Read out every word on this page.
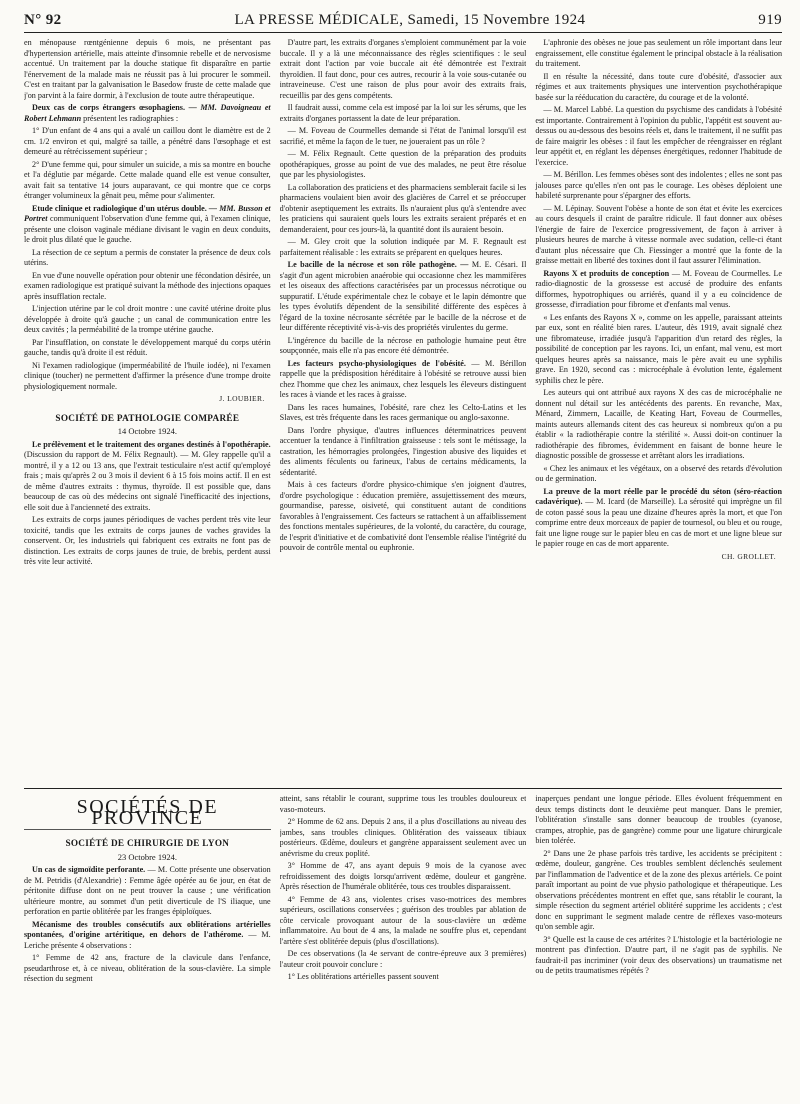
N° 92	LA PRESSE MÉDICALE, Samedi, 15 Novembre 1924	919

en ménopause rœntgénienne depuis 6 mois, ne présentant pas d'hypertension artérielle, mais atteinte d'insomnie rebelle et de nervosisme accentué. Un traitement par la douche statique fit disparaître en partie l'énervement de la malade mais ne réussit pas à lui procurer le sommeil. C'est en traitant par la galvanisation le Basedow fruste de cette malade que j'on parvint à la faire dormir, à l'exclusion de toute autre thérapeutique.

Deux cas de corps étrangers œsophagiens. — MM. Davoigneau et Robert Lehmann présentent les radiographies :

1° D'un enfant de 4 ans qui a avalé un caillou dont le diamètre est de 2 cm. 1/2 environ et qui, malgré sa taille, a pénétré dans l'œsophage et est demeuré au rétrécissement supérieur ;

2° D'une femme qui, pour simuler un suicide, a mis sa montre en bouche et l'a déglutie par mégarde. Cette malade quand elle est venue consulter, avait fait sa tentative 14 jours auparavant, ce qui montre que ce corps étranger volumineux la gênait peu, même pour s'alimenter.

Etude clinique et radiologique d'un utérus double. — MM. Busson et Portret communiquent l'observation d'une femme qui, à l'examen clinique, présente une cloison vaginale médiane divisant le vagin en deux conduits, le droit plus dilaté que le gauche.

La résection de ce septum a permis de constater la présence de deux cols utérins.

En vue d'une nouvelle opération pour obtenir une fécondation désirée, un examen radiologique est pratiqué suivant la méthode des injections opaques après insufflation rectale.

L'injection utérine par le col droit montre : une cavité utérine droite plus développée à droite qu'à gauche ; un canal de communication entre les deux cavités ; la perméabilité de la trompe utérine gauche.

Par l'insufflation, on constate le développement marqué du corps utérin gauche, tandis qu'à droite il est réduit.

Ni l'examen radiologique (imperméabilité de l'huile iodée), ni l'examen clinique (toucher) ne permettent d'affirmer la présence d'une trompe droite physiologiquement normale.

J. LOUBIER.
SOCIÉTÉ DE PATHOLOGIE COMPARÉE
14 Octobre 1924.

Le prélèvement et le traitement des organes destinés à l'opothérapie. (Discussion du rapport de M. Félix Regnault). — M. Gley rappelle qu'il a montré, il y a 12 ou 13 ans, que l'extrait testiculaire n'est actif qu'employé frais ; mais qu'après 2 ou 3 mois il devient 6 à 15 fois moins actif. Il en est de même d'autres extraits : thymus, thyroïde. Il est possible que, dans beaucoup de cas où des médecins ont signalé l'inefficacité des injections, elle soit due à l'ancienneté des extraits.

Les extraits de corps jaunes périodiques de vaches perdent très vite leur toxicité, tandis que les extraits de corps jaunes de vaches gravides la conservent. Or, les industriels qui fabriquent ces extraits ne font pas de distinction. Les extraits de corps jaunes de truie, de brebis, perdent aussi très vite leur activité.

D'autre part, les extraits d'organes s'emploient communément par la voie buccale. Il y a là une méconnaissance des règles scientifiques : le seul extrait dont l'action par voie buccale ait été démontrée est l'extrait thyroïdien. Il faut donc, pour ces autres, recourir à la voie sous-cutanée ou intraveineuse. C'est une raison de plus pour avoir des extraits frais, recueillis par des gens compétents.

Il faudrait aussi, comme cela est imposé par la loi sur les sérums, que les extraits d'organes portassent la date de leur préparation.

— M. Foveau de Courmelles demande si l'état de l'animal lorsqu'il est sacrifié, et même la façon de le tuer, ne joueraient pas un rôle ?

— M. Félix Regnault. Cette question de la préparation des produits opothérapiques, grosse au point de vue des malades, ne peut être résolue que par les physiologistes.

La collaboration des praticiens et des pharmaciens semblerait facile si les pharmaciens voulaient bien avoir des glacières de Carrel et se préoccuper d'obtenir aseptiquement les extraits. Ils n'auraient plus qu'à s'entendre avec les praticiens qui sauraient quels lours les extraits seraient préparés et en demanderaient, pour ces jours-là, la quantité dont ils auraient besoin.

— M. Gley croit que la solution indiquée par M. F. Regnault est parfaitement réalisable : les extraits se préparent en quelques heures.

Le bacille de la nécrose et son rôle pathogène. — M. E. Césari. Il s'agit d'un agent microbien anaérobie qui occasionne chez les mammifères et les oiseaux des affections caractérisées par un processus nécrotique ou suppuratif. L'étude expérimentale chez le cobaye et le lapin démontre que les types évolutifs dépendent de la sensibilité différente des espèces à l'égard de la toxine nécrosante sécrétée par le bacille de la nécrose et de leur différente réceptivité vis-à-vis des propriétés virulentes du germe.

L'ingérence du bacille de la nécrose en pathologie humaine peut être soupçonnée, mais elle n'a pas encore été démontrée.

Les facteurs psycho-physiologiques de l'obésité. — M. Bérillon rappelle que la prédisposition héréditaire à l'obésité se retrouve aussi bien chez l'homme que chez les animaux, chez lesquels les éleveurs distinguent les races à viande et les races à graisse.

Dans les races humaines, l'obésité, rare chez les Celto-Latins et les Slaves, est très fréquente dans les races germanique ou anglo-saxonne.

Dans l'ordre physique, d'autres influences déterminatrices peuvent accentuer la tendance à l'infiltration graisseuse : tels sont le métissage, la castration, les hémorragies prolongées, l'ingestion abusive des liquides et des aliments féculents ou farineux, l'abus de certains médicaments, la sédentarité.

Mais à ces facteurs d'ordre physico-chimique s'en joignent d'autres, d'ordre psychologique : éducation première, assujettissement des mœurs, gourmandise, paresse, oisiveté, qui constituent autant de conditions favorables à l'engraissement. Ces facteurs se rattachent à un affaiblissement des fonctions mentales supérieures, de la volonté, du caractère, du courage, de l'esprit d'initiative et de combativité dont l'ensemble réalise l'intégrité du pouvoir de contrôle mental ou euphronie.

L'aphronie des obèses ne joue pas seulement un rôle important dans leur engraissement, elle constitue également le principal obstacle à la réalisation du traitement.

Il en résulte la nécessité, dans toute cure d'obésité, d'associer aux régimes et aux traitements physiques une intervention psychothérapique basée sur la rééducation du caractère, du courage et de la volonté.

— M. Marcel Labbé. La question du psychisme des candidats à l'obésité est importante. Contrairement à l'opinion du public, l'appétit est souvent au-dessus ou au-dessous des besoins réels et, dans le traitement, il ne suffit pas de faire maigrir les obèses : il faut les empêcher de réengraisser en réglant leur appétit et, en réglant les dépenses énergétiques, redonner l'habitude de l'exercice.

— M. Bérillon. Les femmes obèses sont des indolentes ; elles ne sont pas jalouses parce qu'elles n'en ont pas le courage. Les obèses déploient une habileté surprenante pour s'épargner des efforts.

— M. Lépinay. Souvent l'obèse a honte de son état et évite les exercices au cours desquels il craint de paraître ridicule. Il faut donner aux obèses l'énergie de faire de l'exercice progressivement, de façon à arriver à plusieurs heures de marche à vitesse normale avec sudation, celle-ci étant d'autant plus nécessaire que Ch. Fiessinger a montré que la fonte de la graisse mettait en liberté des toxines dont il faut assurer l'élimination.

Rayons X et produits de conception — M. Foveau de Courmelles. Le radio-diagnostic de la grossesse est accusé de produire des enfants difformes, hypotrophiques ou arriérés, quand il y a eu coïncidence de grossesse, d'irradiation pour fibrome et d'enfants mal venus.

« Les enfants des Rayons X », comme on les appelle, paraissant atteints par eux, sont en réalité bien rares. L'auteur, dès 1919, avait signalé chez une fibromateuse, irradiée jusqu'à l'apparition d'un retard des règles, la possibilité de conception par les rayons. Ici, un enfant, mal venu, est mort quelques heures après sa naissance, mais le père avait eu une syphilis grave. En 1920, second cas : microcéphale à évolution lente, également syphilis chez le père.

Les auteurs qui ont attribué aux rayons X des cas de microcéphalie ne donnent nul détail sur les antécédents des parents. En revanche, Max, Ménard, Zimmern, Lacaille, de Keating Hart, Foveau de Courmelles, maints auteurs allemands citent des cas heureux si nombreux qu'on a pu établir « la radiothérapie contre la stérilité ». Aussi doit-on continuer la radiothérapie des fibromes, évidemment en faisant de bonne heure le diagnostic possible de grossesse et arrêtant alors les irradiations.

« Chez les animaux et les végétaux, on a observé des retards d'évolution ou de germination.

La preuve de la mort réelle par le procédé du séton (séro-réaction cadavérique). — M. Icard (de Marseille). La sérosité qui imprègne un fil de coton passé sous la peau une dizaine d'heures après la mort, et que l'on comprime entre deux morceaux de papier de tournesol, ou bleu et ou rouge, fait une ligne rouge sur le papier bleu en cas de mort et une ligne bleue sur le papier rouge en cas de mort apparente.

CH. GROLLET.
SOCIÉTÉS DE PROVINCE
SOCIÉTÉ DE CHIRURGIE DE LYON
23 Octobre 1924.

Un cas de sigmoïdite perforante. — M. Cotte présente une observation de M. Petridis (d'Alexandrie) : Femme âgée opérée au 6e jour, en état de péritonite diffuse dont on ne peut trouver la cause ; une vérification ultérieure montre, au sommet d'un petit diverticule de l'S iliaque, une perforation en partie oblitérée par les franges épiploïques.

Mécanisme des troubles consécutifs aux oblitérations artérielles spontanées, d'origine artéritique, en dehors de l'athérome. — M. Leriche présente 4 observations :

1° Femme de 42 ans, fracture de la clavicule dans l'enfance, pseudarthrose et, à ce niveau, oblitération de la sous-clavière. La simple résection du segment

atteint, sans rétablir le courant, supprime tous les troubles douloureux et vaso-moteurs.

2° Homme de 62 ans. Depuis 2 ans, il a plus d'oscillations au niveau des jambes, sans troubles cliniques. Oblitération des vaisseaux tibiaux postérieurs. Œdème, douleurs et gangrène apparaissent seulement avec un anévrisme du creux poplité.

3° Homme de 47, ans ayant depuis 9 mois de la cyanose avec refroidissement des doigts lorsqu'arrivent œdème, douleur et gangrène. Après résection de l'humérale oblitérée, tous ces troubles disparaissent.

4° Femme de 43 ans, violentes crises vaso-motrices des membres supérieurs, oscillations conservées ; guérison des troubles par ablation de côte cervicale provoquant autour de la sous-clavière un œdème inflammatoire. Au bout de 4 ans, la malade ne souffre plus et, cependant l'artère s'est oblitérée depuis (plus d'oscillations).

De ces observations (la 4e servant de contre-épreuve aux 3 premières) l'auteur croit pouvoir conclure :

1° Les oblitérations artérielles passent souvent

inaperçues pendant une longue période. Elles évoluent fréquemment en deux temps distincts dont le deuxième peut manquer. Dans le premier, l'oblitération s'installe sans donner beaucoup de troubles (cyanose, crampes, atrophie, pas de gangrène) comme pour une ligature chirurgicale bien tolérée.

2° Dans une 2e phase parfois très tardive, les accidents se précipitent : œdème, douleur, gangrène. Ces troubles semblent déclenchés seulement par l'inflammation de l'adventice et de la zone des plexus artériels. Ce point paraît important au point de vue physio pathologique et thérapeutique. Les observations précédentes montrent en effet que, sans rétablir le courant, la simple résection du segment artériel oblitéré supprime les accidents ; c'est donc en supprimant le segment malade centre de réflexes vaso-moteurs qu'on semble agir.

3° Quelle est la cause de ces artérites ? L'histologie et la bactériologie ne montrent pas d'infection. D'autre part, il ne s'agit pas de syphilis. Ne faudrait-il pas incriminer (voir deux des observations) un traumatisme net ou de petits traumatismes répétés ?
